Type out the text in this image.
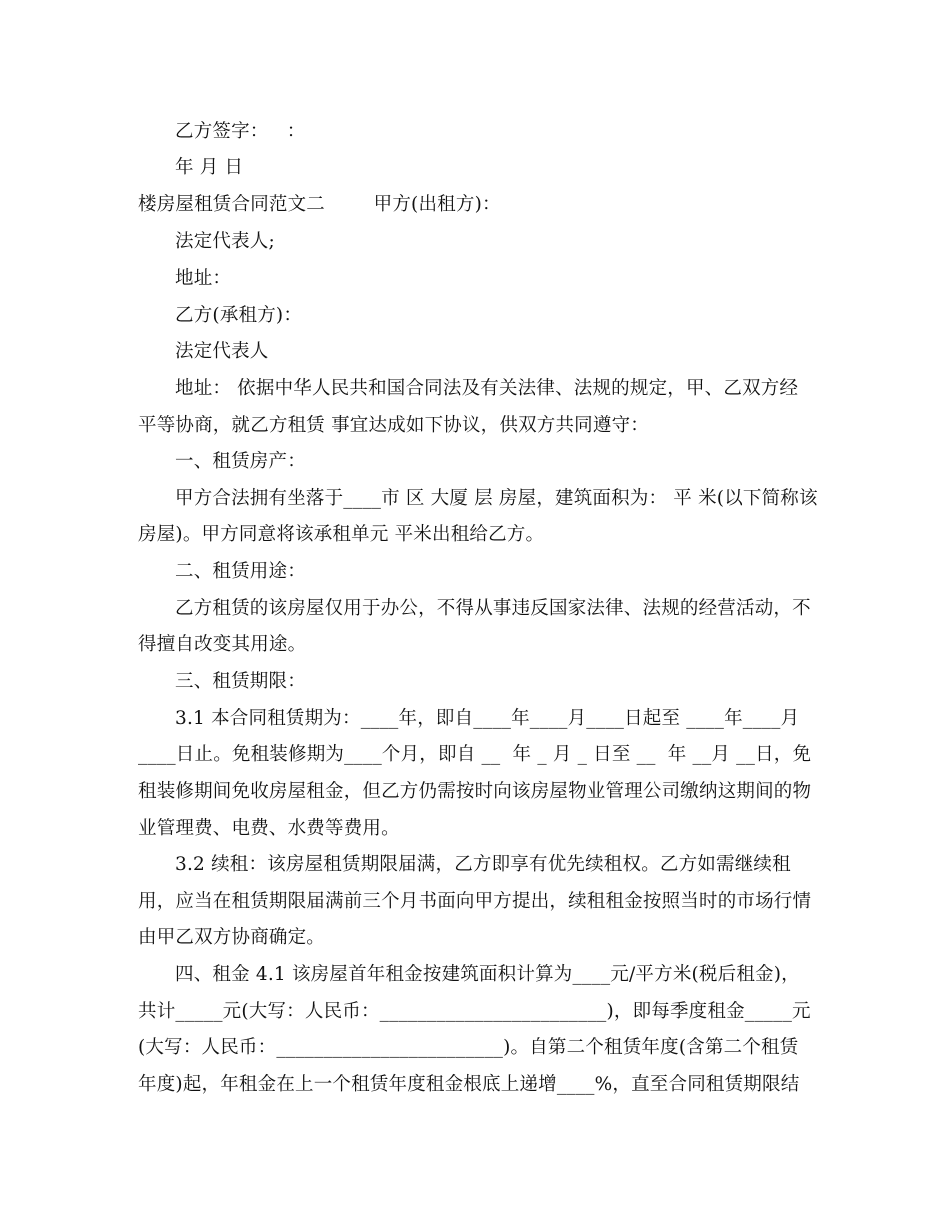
乙方签字：   ：
年 月 日
楼房屋租赁合同范文二        甲方(出租方)：
法定代表人;
地址：
乙方(承租方)：
法定代表人
地址： 依据中华人民共和国合同法及有关法律、法规的规定，甲、乙双方经
平等协商，就乙方租赁 事宜达成如下协议，供双方共同遵守：
一、租赁房产：
甲方合法拥有坐落于____市 区 大厦 层 房屋，建筑面积为： 平 米(以下简称该
房屋)。甲方同意将该承租单元 平米出租给乙方。
二、租赁用途：
乙方租赁的该房屋仅用于办公，不得从事违反国家法律、法规的经营活动，不
得擅自改变其用途。
三、租赁期限：
3.1 本合同租赁期为：____年，即自____年____月____日起至 ____年____月
____日止。免租装修期为____个月，即自 __  年 _ 月 _ 日至 __  年 __月 __日，免
租装修期间免收房屋租金，但乙方仍需按时向该房屋物业管理公司缴纳这期间的物
业管理费、电费、水费等费用。
3.2 续租：该房屋租赁期限届满，乙方即享有优先续租权。乙方如需继续租
用，应当在租赁期限届满前三个月书面向甲方提出，续租租金按照当时的市场行情
由甲乙双方协商确定。
四、租金 4.1 该房屋首年租金按建筑面积计算为____元/平方米(税后租金)，
共计_____元(大写：人民币：________________________)，即每季度租金_____元
(大写：人民币：________________________)。自第二个租赁年度(含第二个租赁
年度)起，年租金在上一个租赁年度租金根底上递增____%，直至合同租赁期限结
